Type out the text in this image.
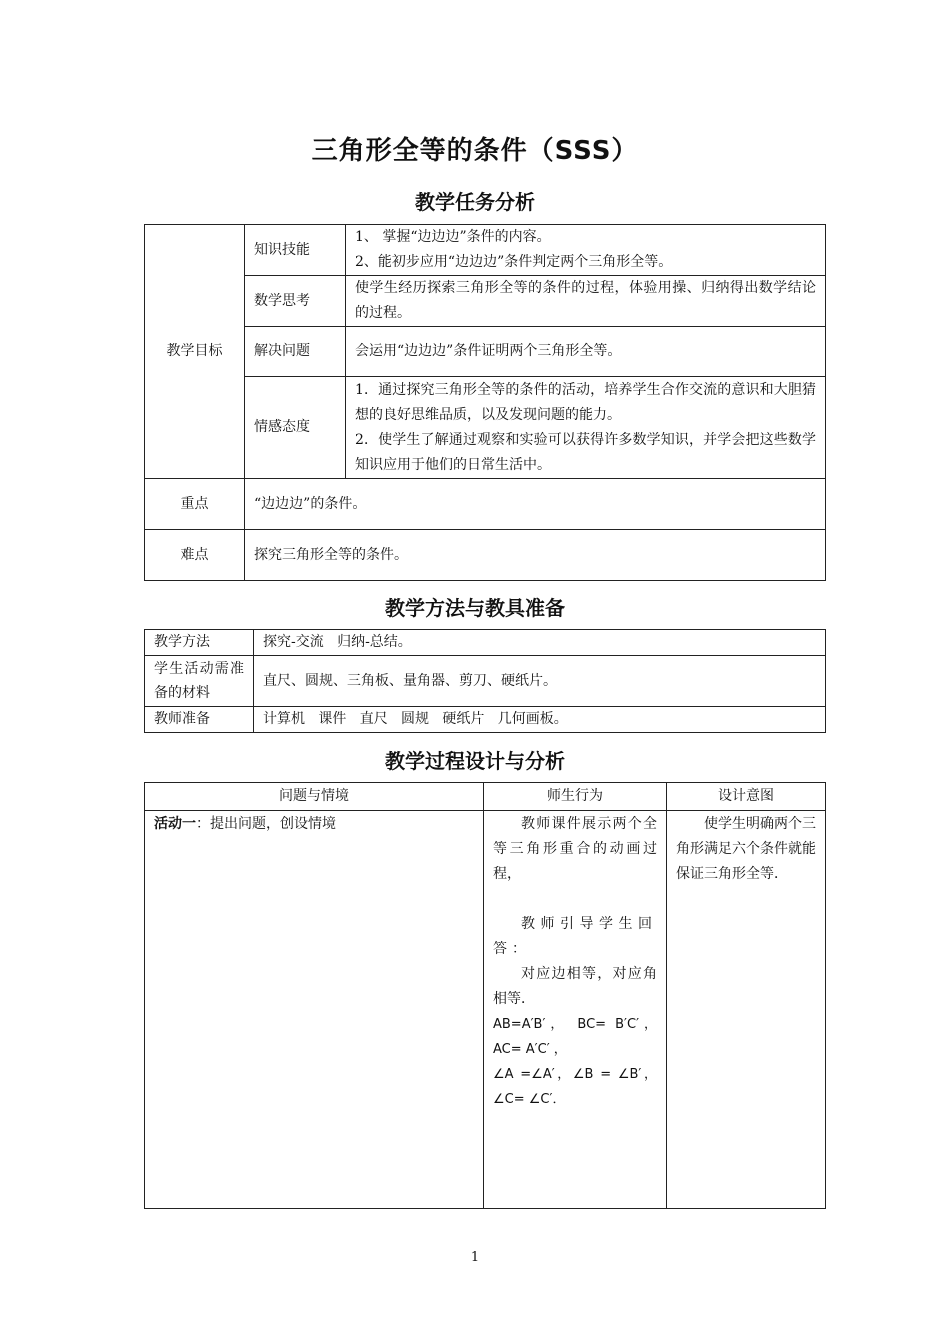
三角形全等的条件（SSS）
教学任务分析
教学目标	知识技能	1、 掌握“边边边”条件的内容。
2、能初步应用“边边边”条件判定两个三角形全等。

	数学思考	使学生经历探索三角形全等的条件的过程，体验用操、归纳得出数学结论的过程。

	解决问题	会运用“边边边”条件证明两个三角形全等。

	情感态度	1．通过探究三角形全等的条件的活动，培养学生合作交流的意识和大胆猜想的良好思维品质，以及发现问题的能力。
2．使学生了解通过观察和实验可以获得许多数学知识，并学会把这些数学知识应用于他们的日常生活中。

重点	“边边边”的条件。	
难点	探究三角形全等的条件。	
教学方法与教具准备
教学方法	探究-交流   归纳-总结。
学生活动需准备的材料	直尺、圆规、三角板、量角器、剪刀、硬纸片。
教师准备	计算机   课件   直尺   圆规   硬纸片   几何画板。
教学过程设计与分析
问题与情境	师生行为	设计意图
活动一：提出问题，创设情境	教师课件展示两个全等三角形重合的动画过程，
教师引导学生回答：
对应边相等，对应角相等．
AB=A′B′， BC= B′C′，AC= A′C′ ，
∠A =∠A′，∠B = ∠B′，∠C= ∠C′．	使学生明确两个三角形满足六个条件就能保证三角形全等．
1
